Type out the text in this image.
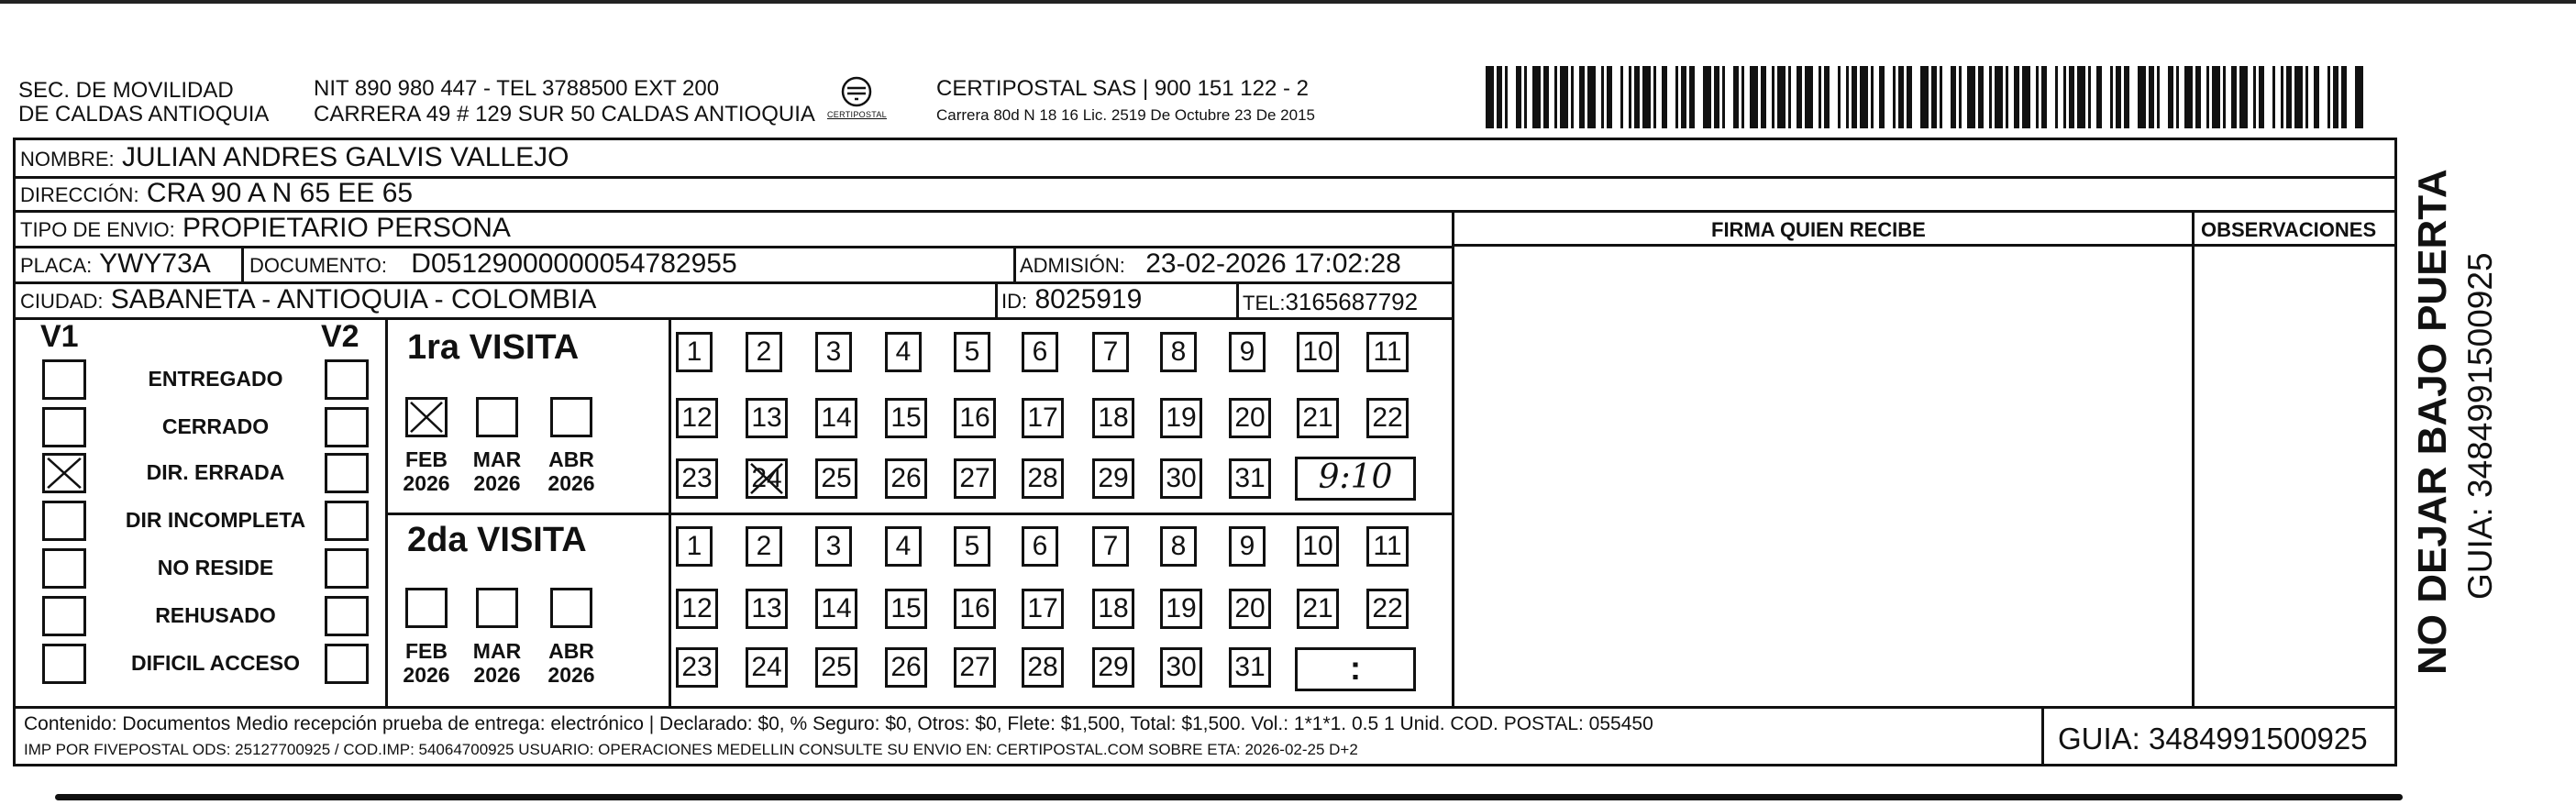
SEC. DE MOVILIDAD
DE CALDAS ANTIOQUIA
NIT 890 980 447 - TEL 3788500 EXT 200
CARRERA 49 # 129 SUR 50 CALDAS ANTIOQUIA CERTIPOSTAL
CERTIPOSTAL SAS | 900 151 122 - 2
Carrera 80d N 18 16 Lic. 2519 De Octubre 23 De 2015
NOMBRE: JULIAN ANDRES GALVIS VALLEJO
DIRECCIÓN: CRA 90 A N 65 EE 65
TIPO DE ENVIO: PROPIETARIO PERSONA
PLACA: YWY73A DOCUMENTO: D05129000000054782955	ADMISIÓN: 23-02-2026 17:02:28
CIUDAD: SABANETA - ANTIOQUIA - COLOMBIA	ID: 8025919	TEL:3165687792
FIRMA QUIEN RECIBE	OBSERVACIONES
V1	V2
ENTREGADO
CERRADO
DIR. ERRADA
DIR INCOMPLETA
NO RESIDE
REHUSADO
DIFICIL ACCESO
1ra VISITA
FEB
2026
MAR
2026
ABR
2026
1	2	3	4	5	6	7	8	9	10 11
12 13 14 15 16 17 18 19 20 21 22
23 24 25 26 27 28 29 30 31	9:10
2da VISITA
FEB
2026
MAR
2026
ABR
2026
1	2	3	4	5	6	7	8	9	10 11
12 13 14 15 16 17 18 19 20 21 22
23 24 25 26 27 28 29 30 31	:
Contenido: Documentos Medio recepción prueba de entrega: electrónico | Declarado: $0, % Seguro: $0, Otros: $0, Flete: $1,500, Total: $1,500. Vol.: 1*1*1. 0.5 1 Unid. COD. POSTAL: 055450
IMP POR FIVEPOSTAL ODS: 25127700925 / COD.IMP: 54064700925 USUARIO: OPERACIONES MEDELLIN CONSULTE SU ENVIO EN: CERTIPOSTAL.COM SOBRE ETA: 2026-02-25 D+2	GUIA: 3484991500925
NO DEJAR BAJO PUERTA GUIA: 3484991500925
